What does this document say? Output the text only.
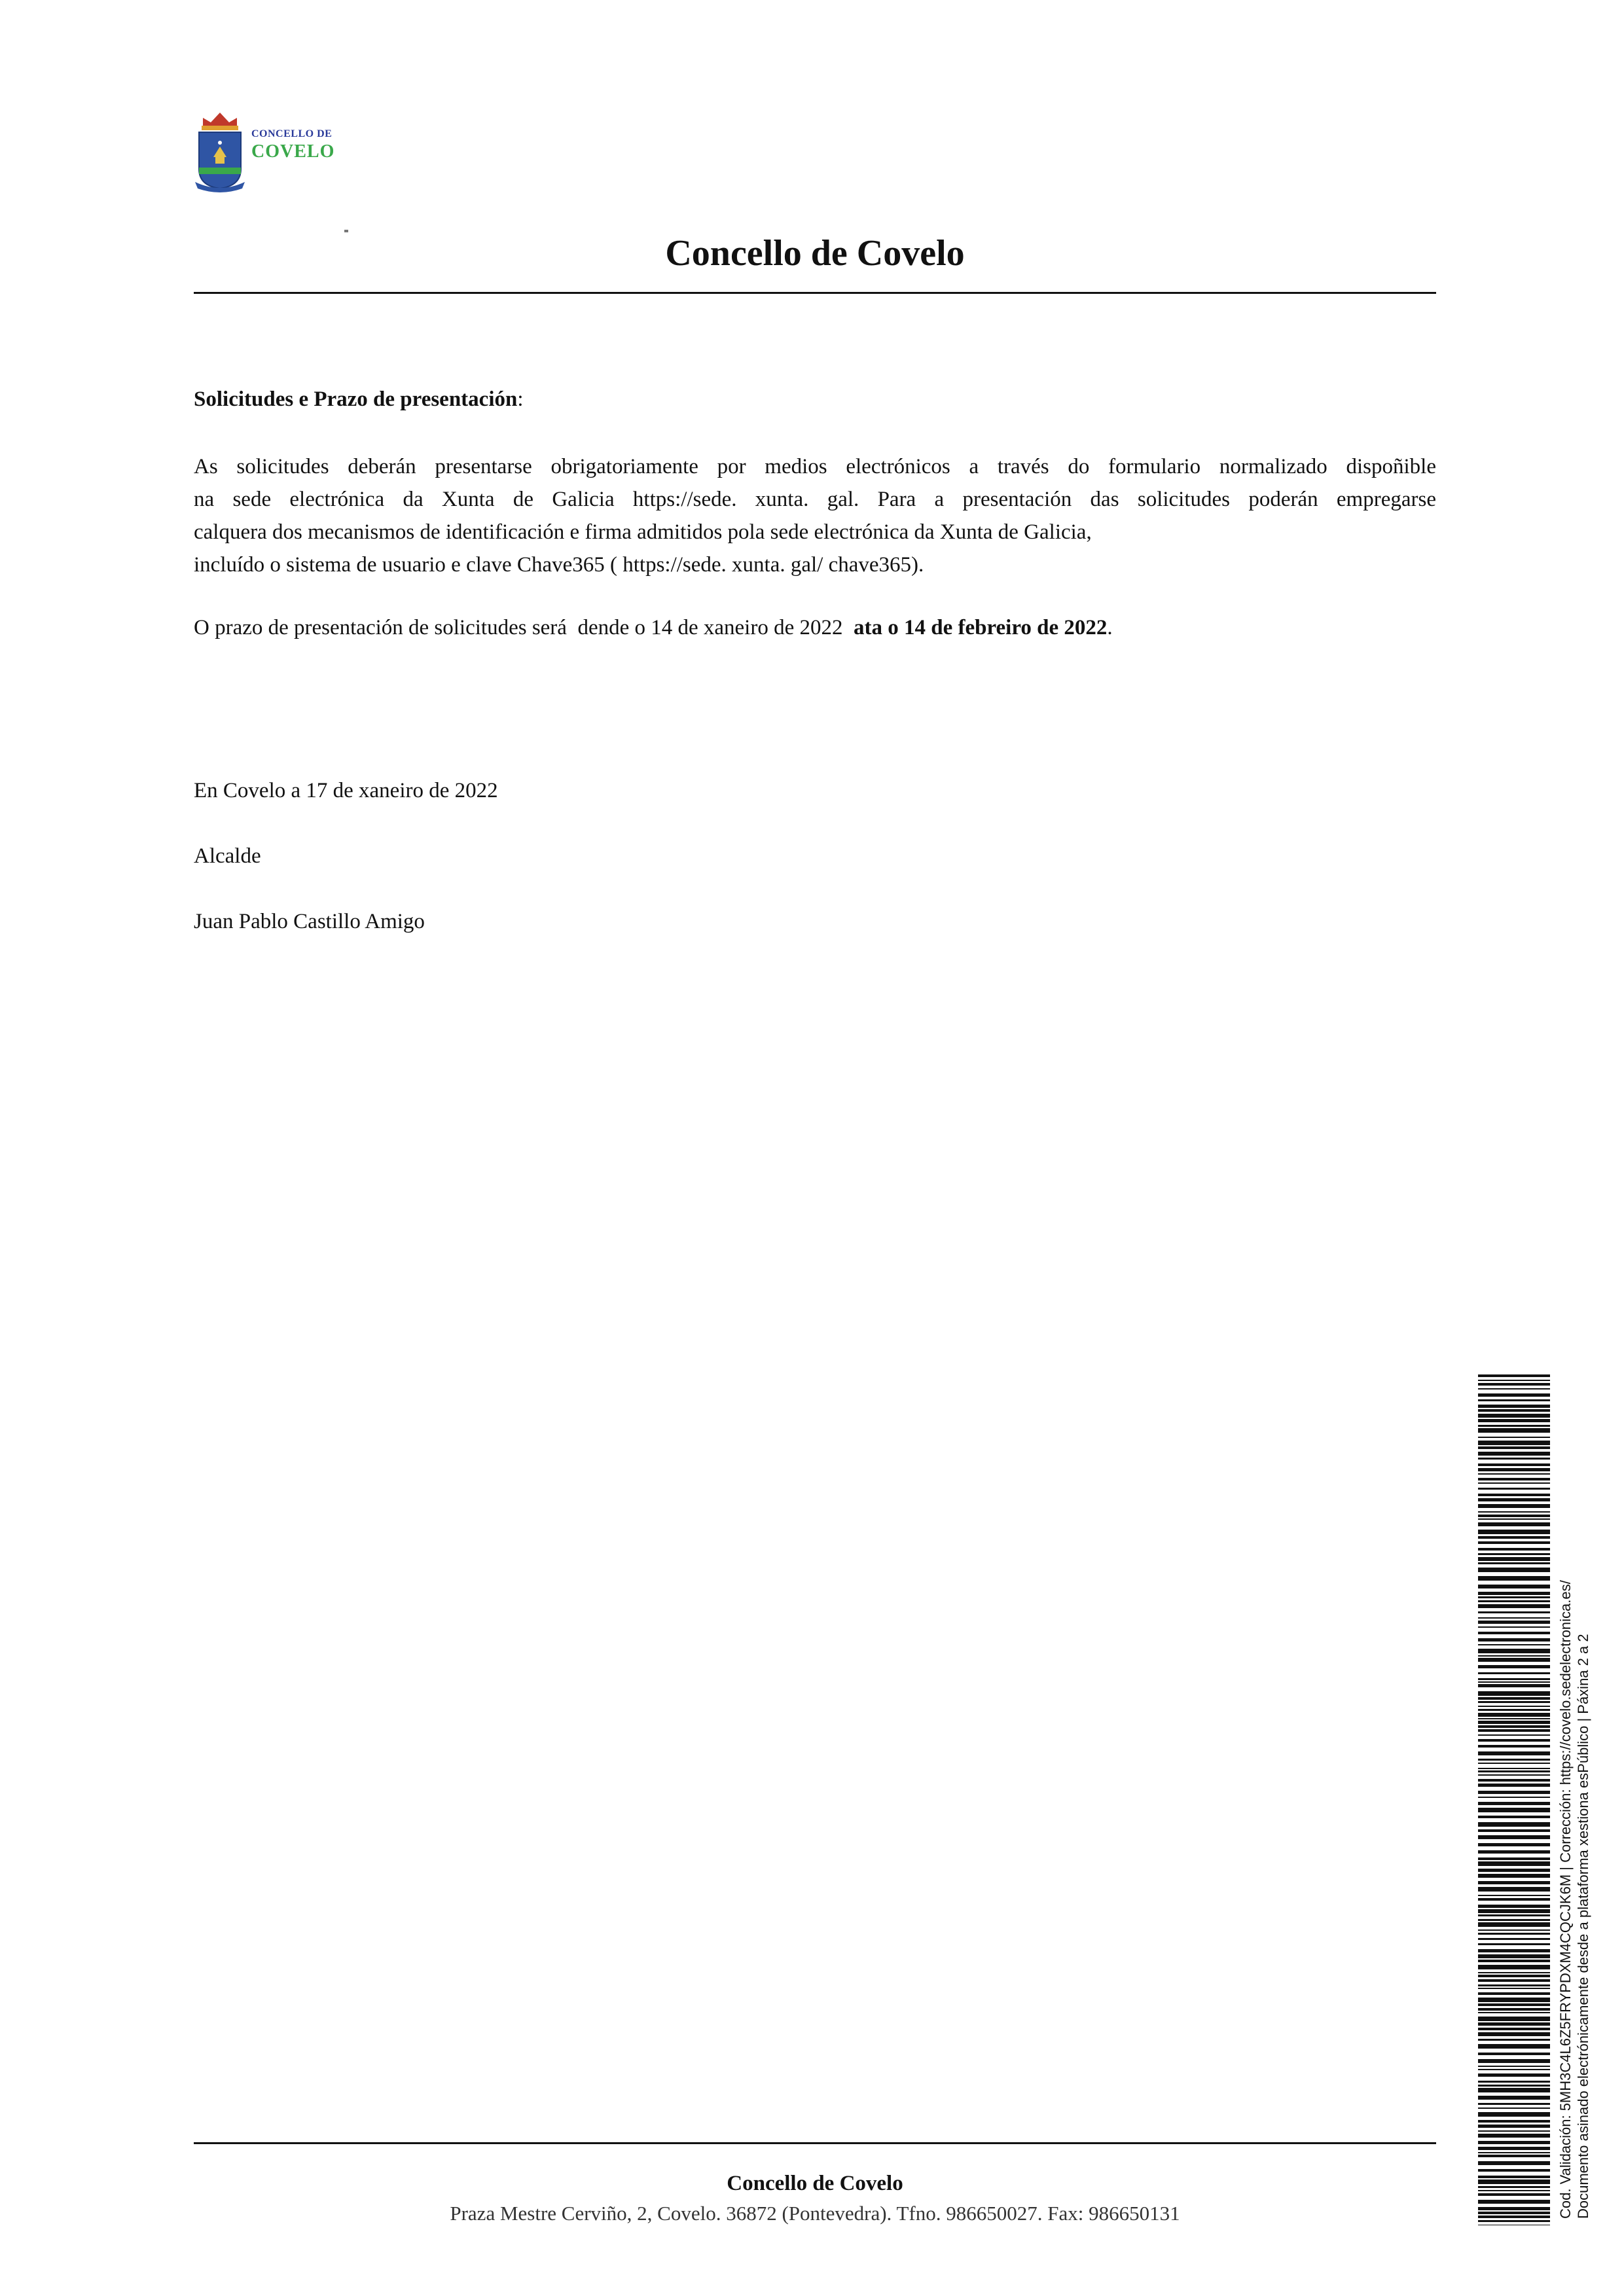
CONCELLO DE
COVELO
Concello de Covelo
Solicitudes e Prazo de presentación:
As solicitudes deberán presentarse obrigatoriamente por medios electrónicos a través do formulario normalizado dispoñible
na sede electrónica da Xunta de Galicia https://sede. xunta. gal. Para a presentación das solicitudes poderán empregarse
calquera dos mecanismos de identificación e firma admitidos pola sede electrónica da Xunta de Galicia,
incluído o sistema de usuario e clave Chave365 ( https://sede. xunta. gal/ chave365).
O prazo de presentación de solicitudes será  dende o 14 de xaneiro de 2022  ata o 14 de febreiro de 2022.
En Covelo a 17 de xaneiro de 2022
Alcalde
Juan Pablo Castillo Amigo
Concello de Covelo
Praza Mestre Cerviño, 2, Covelo. 36872 (Pontevedra). Tfno. 986650027. Fax: 986650131	Cod. Validación: 5MH3C4L6Z5FRYPDXM4CQCJK6M | Corrección: https://covelo.sedelectronica.es/ Documento asinado electrónicamente desde a plataforma xestiona esPúblico | Páxina 2 a 2
